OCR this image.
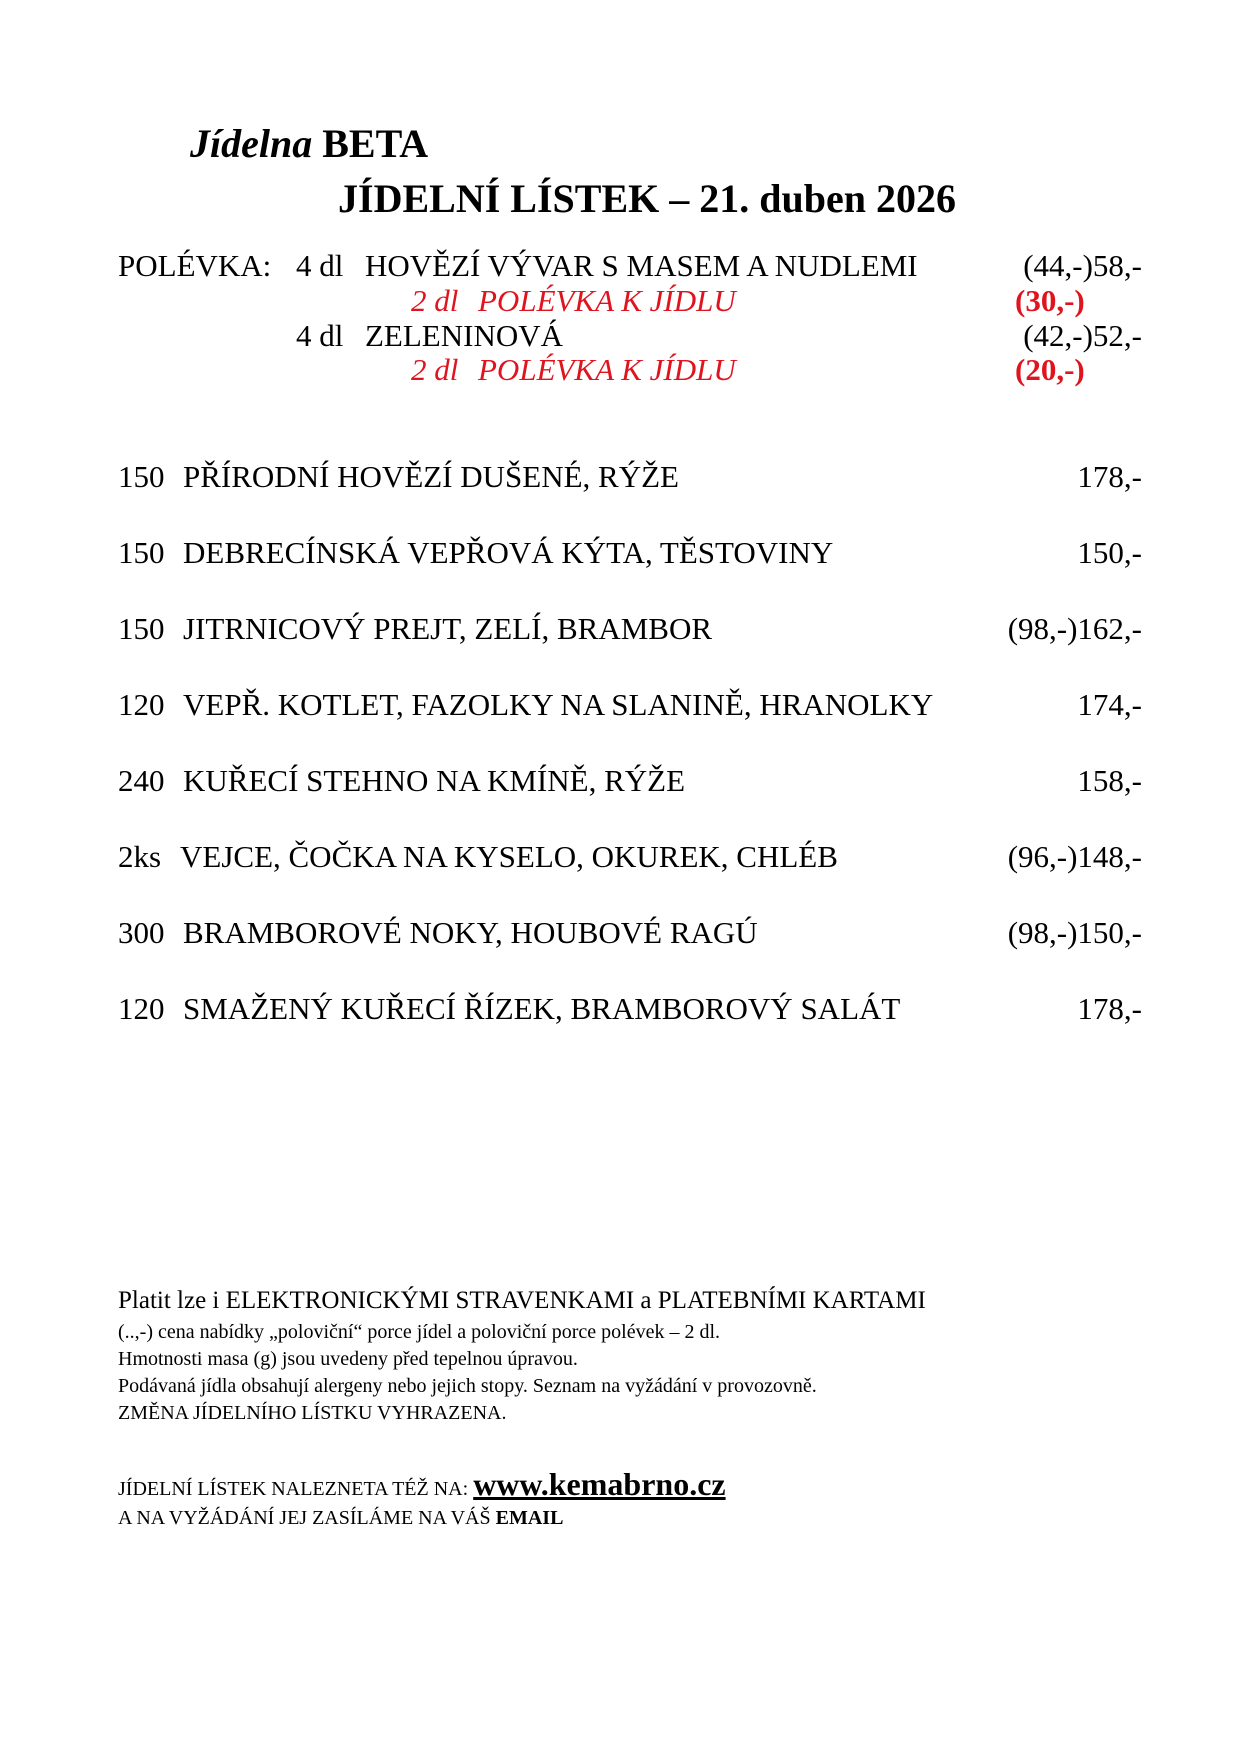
Jídelna BETA
JÍDELNÍ LÍSTEK – 21. duben 2026
POLÉVKA: 4 dl HOVĚZÍ VÝVAR S MASEM A NUDLEMI	(44,-)58,-
2 dl POLÉVKA K JÍDLU	(30,-)
4 dl ZELENINOVÁ	(42,-)52,-
2 dl POLÉVKA K JÍDLU	(20,-)
150 PŘÍRODNÍ HOVĚZÍ DUŠENÉ, RÝŽE	178,-
150 DEBRECÍNSKÁ VEPŘOVÁ KÝTA, TĚSTOVINY	150,-
150 JITRNICOVÝ PREJT, ZELÍ, BRAMBOR	(98,-)162,-
120 VEPŘ. KOTLET, FAZOLKY NA SLANINĚ, HRANOLKY	174,-
240 KUŘECÍ STEHNO NA KMÍNĚ, RÝŽE	158,-
2ks VEJCE, ČOČKA NA KYSELO, OKUREK, CHLÉB	(96,-)148,-
300 BRAMBOROVÉ NOKY, HOUBOVÉ RAGÚ	(98,-)150,-
120 SMAŽENÝ KUŘECÍ ŘÍZEK, BRAMBOROVÝ SALÁT	178,-
Platit lze i ELEKTRONICKÝMI STRAVENKAMI a PLATEBNÍMI KARTAMI
(..,-) cena nabídky „poloviční“ porce jídel a poloviční porce polévek – 2 dl.
Hmotnosti masa (g) jsou uvedeny před tepelnou úpravou.
Podávaná jídla obsahují alergeny nebo jejich stopy. Seznam na vyžádání v provozovně.
ZMĚNA JÍDELNÍHO LÍSTKU VYHRAZENA.
JÍDELNÍ LÍSTEK NALEZNETA TÉŽ NA: www.kemabrno.cz
A NA VYŽÁDÁNÍ JEJ ZASÍLÁME NA VÁŠ EMAIL
